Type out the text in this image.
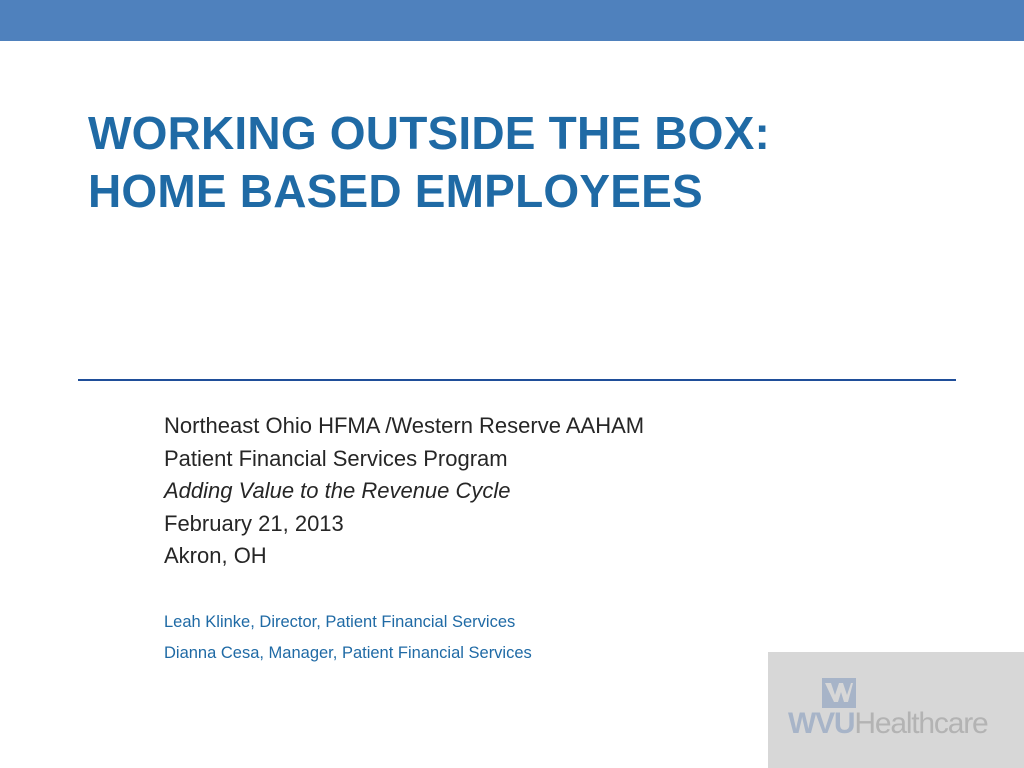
WORKING OUTSIDE THE BOX:
HOME BASED EMPLOYEES
Northeast Ohio HFMA /Western Reserve AAHAM
Patient Financial Services Program
Adding Value to the Revenue Cycle
February 21, 2013
Akron, OH
Leah Klinke, Director, Patient Financial Services
Dianna Cesa, Manager, Patient Financial Services
WVUHealthcare
